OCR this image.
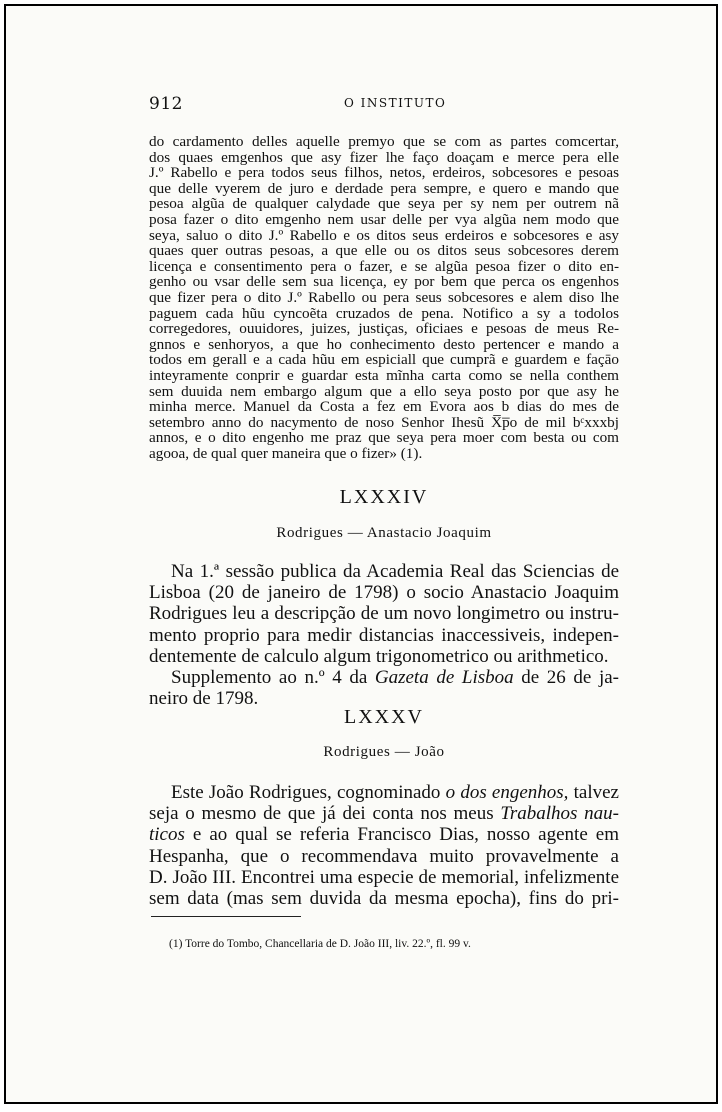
912	O INSTITUTO
do cardamento delles aquelle premyo que se com as partes comcertar,
dos quaes emgenhos que asy fizer lhe faço doaçam e merce pera elle
J.º Rabello e pera todos seus filhos, netos, erdeiros, sobcesores e pesoas
que delle vyerem de juro e derdade pera sempre, e quero e mando que
pesoa algũa de qualquer calydade que seya per sy nem per outrem nã
posa fazer o dito emgenho nem usar delle per vya algũa nem modo que
seya, saluo o dito J.º Rabello e os ditos seus erdeiros e sobcesores e asy
quaes quer outras pesoas, a que elle ou os ditos seus sobcesores derem
licença e consentimento pera o fazer, e se algũa pesoa fizer o dito en-
genho ou vsar delle sem sua licença, ey por bem que perca os engenhos
que fizer pera o dito J.º Rabello ou pera seus sobcesores e alem diso lhe
paguem cada hũu cyncoẽta cruzados de pena. Notifico a sy a todolos
corregedores, ouuidores, juizes, justiças, oficiaes e pesoas de meus Re-
gnnos e senhoryos, a que ho conhecimento desto pertencer e mando a
todos em gerall e a cada hũu em espiciall que cumprã e guardem e façāo
inteyramente conprir e guardar esta mĩnha carta como se nella conthem
sem duuida nem embargo algum que a ello seya posto por que asy he
minha merce. Manuel da Costa a fez em Evora aos b dias do mes de
setembro anno do nacymento de noso Senhor Ihesũ X̅p̅o de mil bᶜxxxbj
annos, e o dito engenho me praz que seya pera moer com besta ou com
agooa, de qual quer maneira que o fizer» (1).
LXXXIV
Rodrigues — Anastacio Joaquim
Na 1.ª sessão publica da Academia Real das Sciencias de
Lisboa (20 de janeiro de 1798) o socio Anastacio Joaquim
Rodrigues leu a descripção de um novo longimetro ou instru-
mento proprio para medir distancias inaccessiveis, indepen-
dentemente de calculo algum trigonometrico ou arithmetico.
Supplemento ao n.º 4 da Gazeta de Lisboa de 26 de ja-
neiro de 1798.
LXXXV
Rodrigues — João
Este João Rodrigues, cognominado o dos engenhos, talvez
seja o mesmo de que já dei conta nos meus Trabalhos nau-
ticos e ao qual se referia Francisco Dias, nosso agente em
Hespanha, que o recommendava muito provavelmente a
D. João III. Encontrei uma especie de memorial, infelizmente
sem data (mas sem duvida da mesma epocha), fins do pri-
(1) Torre do Tombo, Chancellaria de D. João III, liv. 22.º, fl. 99 v.
